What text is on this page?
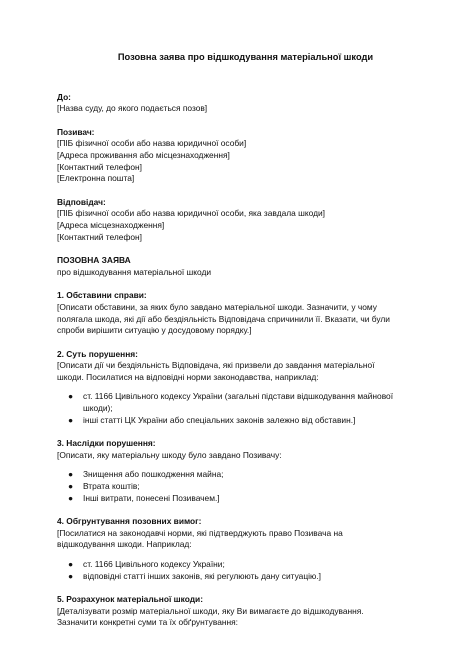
Позовна заява про відшкодування матеріальної шкоди
До:
[Назва суду, до якого подається позов]
Позивач:
[ПІБ фізичної особи або назва юридичної особи]
[Адреса проживання або місцезнаходження]
[Контактний телефон]
[Електронна пошта]
Відповідач:
[ПІБ фізичної особи або назва юридичної особи, яка завдала шкоди]
[Адреса місцезнаходження]
[Контактний телефон]
ПОЗОВНА ЗАЯВА
про відшкодування матеріальної шкоди
1. Обставини справи:
[Описати обставини, за яких було завдано матеріальної шкоди. Зазначити, у чому
полягала шкода, які дії або бездіяльність Відповідача спричинили її. Вказати, чи були
спроби вирішити ситуацію у досудовому порядку.]
2. Суть порушення:
[Описати дії чи бездіяльність Відповідача, які призвели до завдання матеріальної
шкоди. Посилатися на відповідні норми законодавства, наприклад:
● ст. 1166 Цивільного кодексу України (загальні підстави відшкодування майнової
шкоди);
● інші статті ЦК України або спеціальних законів залежно від обставин.]
3. Наслідки порушення:
[Описати, яку матеріальну шкоду було завдано Позивачу:
● Знищення або пошкодження майна;
● Втрата коштів;
● Інші витрати, понесені Позивачем.]
4. Обгрунтування позовних вимог:
[Посилатися на законодавчі норми, які підтверджують право Позивача на
відшкодування шкоди. Наприклад:
● ст. 1166 Цивільного кодексу України;
● відповідні статті інших законів, які регулюють дану ситуацію.]
5. Розрахунок матеріальної шкоди:
[Деталізувати розмір матеріальної шкоди, яку Ви вимагаєте до відшкодування.
Зазначити конкретні суми та їх обґрунтування:
